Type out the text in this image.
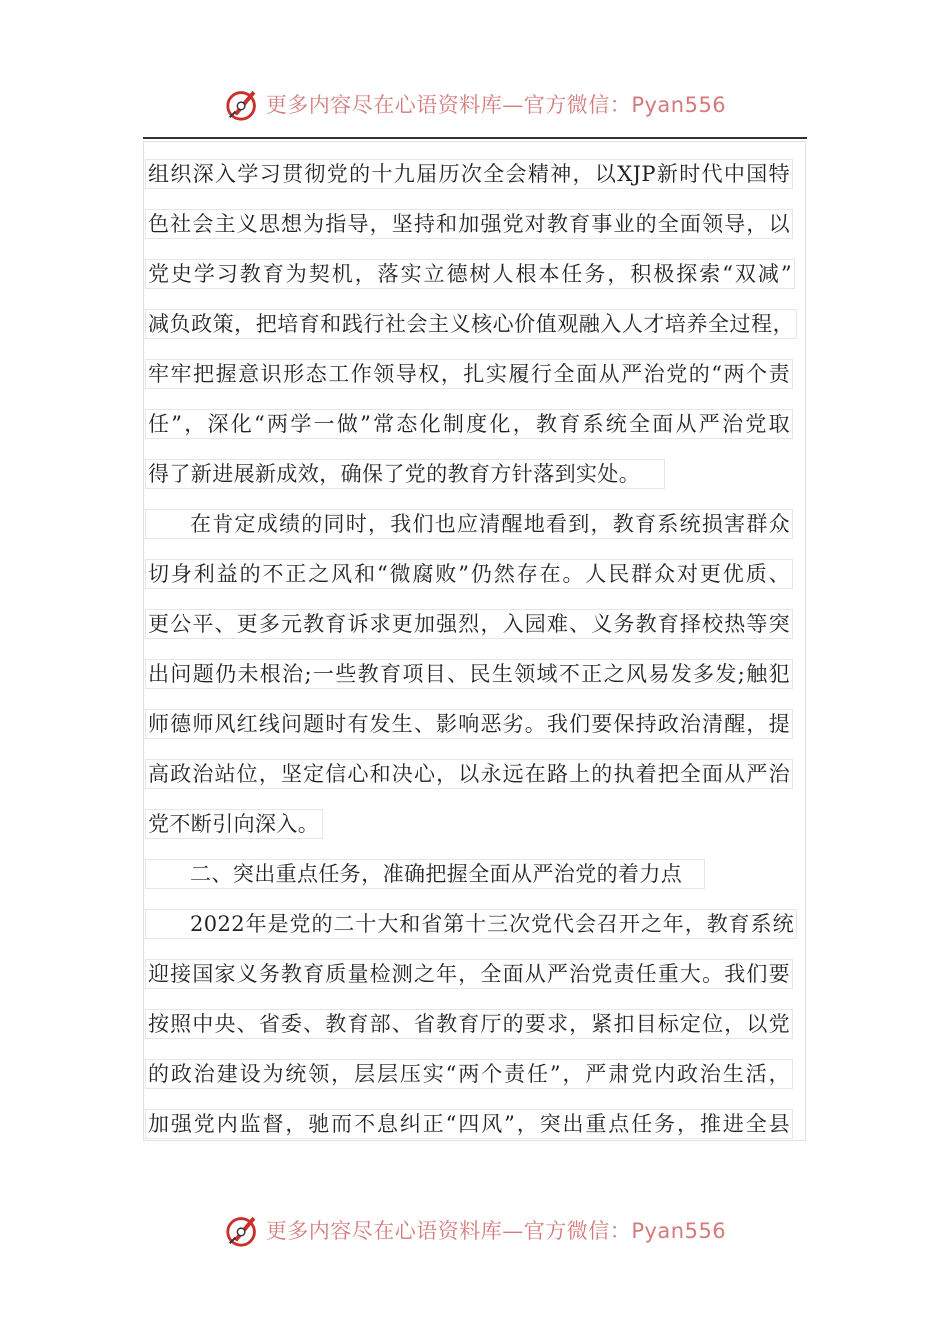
更多内容尽在心语资料库—官方微信：Pyan556
组织深入学习贯彻党的十九届历次全会精神，以XJP新时代中国特
色社会主义思想为指导，坚持和加强党对教育事业的全面领导，以
党史学习教育为契机，落实立德树人根本任务，积极探索“双减”
减负政策，把培育和践行社会主义核心价值观融入人才培养全过程，
牢牢把握意识形态工作领导权，扎实履行全面从严治党的“两个责
任”，深化“两学一做”常态化制度化，教育系统全面从严治党取
得了新进展新成效，确保了党的教育方针落到实处。
在肯定成绩的同时，我们也应清醒地看到，教育系统损害群众
切身利益的不正之风和“微腐败”仍然存在。人民群众对更优质、
更公平、更多元教育诉求更加强烈，入园难、义务教育择校热等突
出问题仍未根治;一些教育项目、民生领域不正之风易发多发;触犯
师德师风红线问题时有发生、影响恶劣。我们要保持政治清醒，提
高政治站位，坚定信心和决心，以永远在路上的执着把全面从严治
党不断引向深入。
二、突出重点任务，准确把握全面从严治党的着力点
2022年是党的二十大和省第十三次党代会召开之年，教育系统
迎接国家义务教育质量检测之年，全面从严治党责任重大。我们要
按照中央、省委、教育部、省教育厅的要求，紧扣目标定位，以党
的政治建设为统领，层层压实“两个责任”，严肃党内政治生活，
加强党内监督，驰而不息纠正“四风”，突出重点任务，推进全县
更多内容尽在心语资料库—官方微信：Pyan556
